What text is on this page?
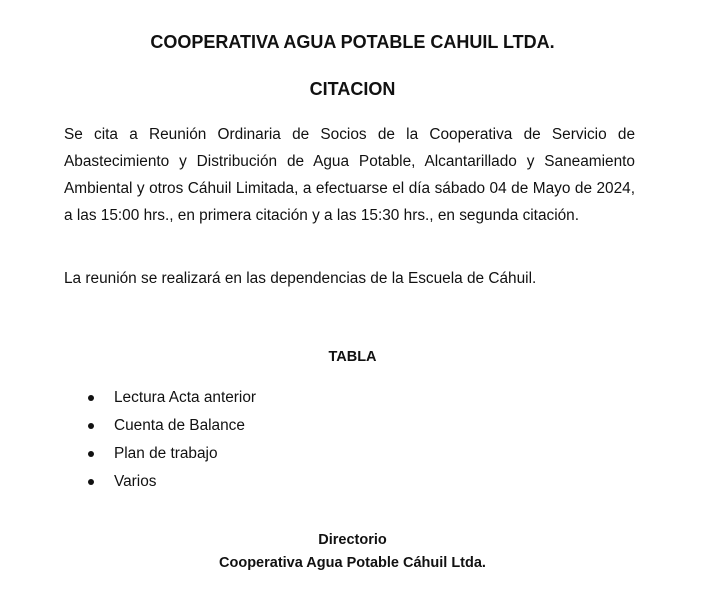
COOPERATIVA AGUA POTABLE CAHUIL LTDA.
CITACION

Se cita a Reunión Ordinaria de Socios de la Cooperativa de Servicio de Abastecimiento y Distribución de Agua Potable, Alcantarillado y Saneamiento Ambiental y otros Cáhuil Limitada, a efectuarse el día sábado 04 de Mayo de 2024, a las 15:00 hrs., en primera citación y a las 15:30 hrs., en segunda citación.

La reunión se realizará en las dependencias de la Escuela de Cáhuil.

TABLA
Lectura Acta anterior
Cuenta de Balance
Plan de trabajo
Varios

Directorio

Cooperativa Agua Potable Cáhuil Ltda.
